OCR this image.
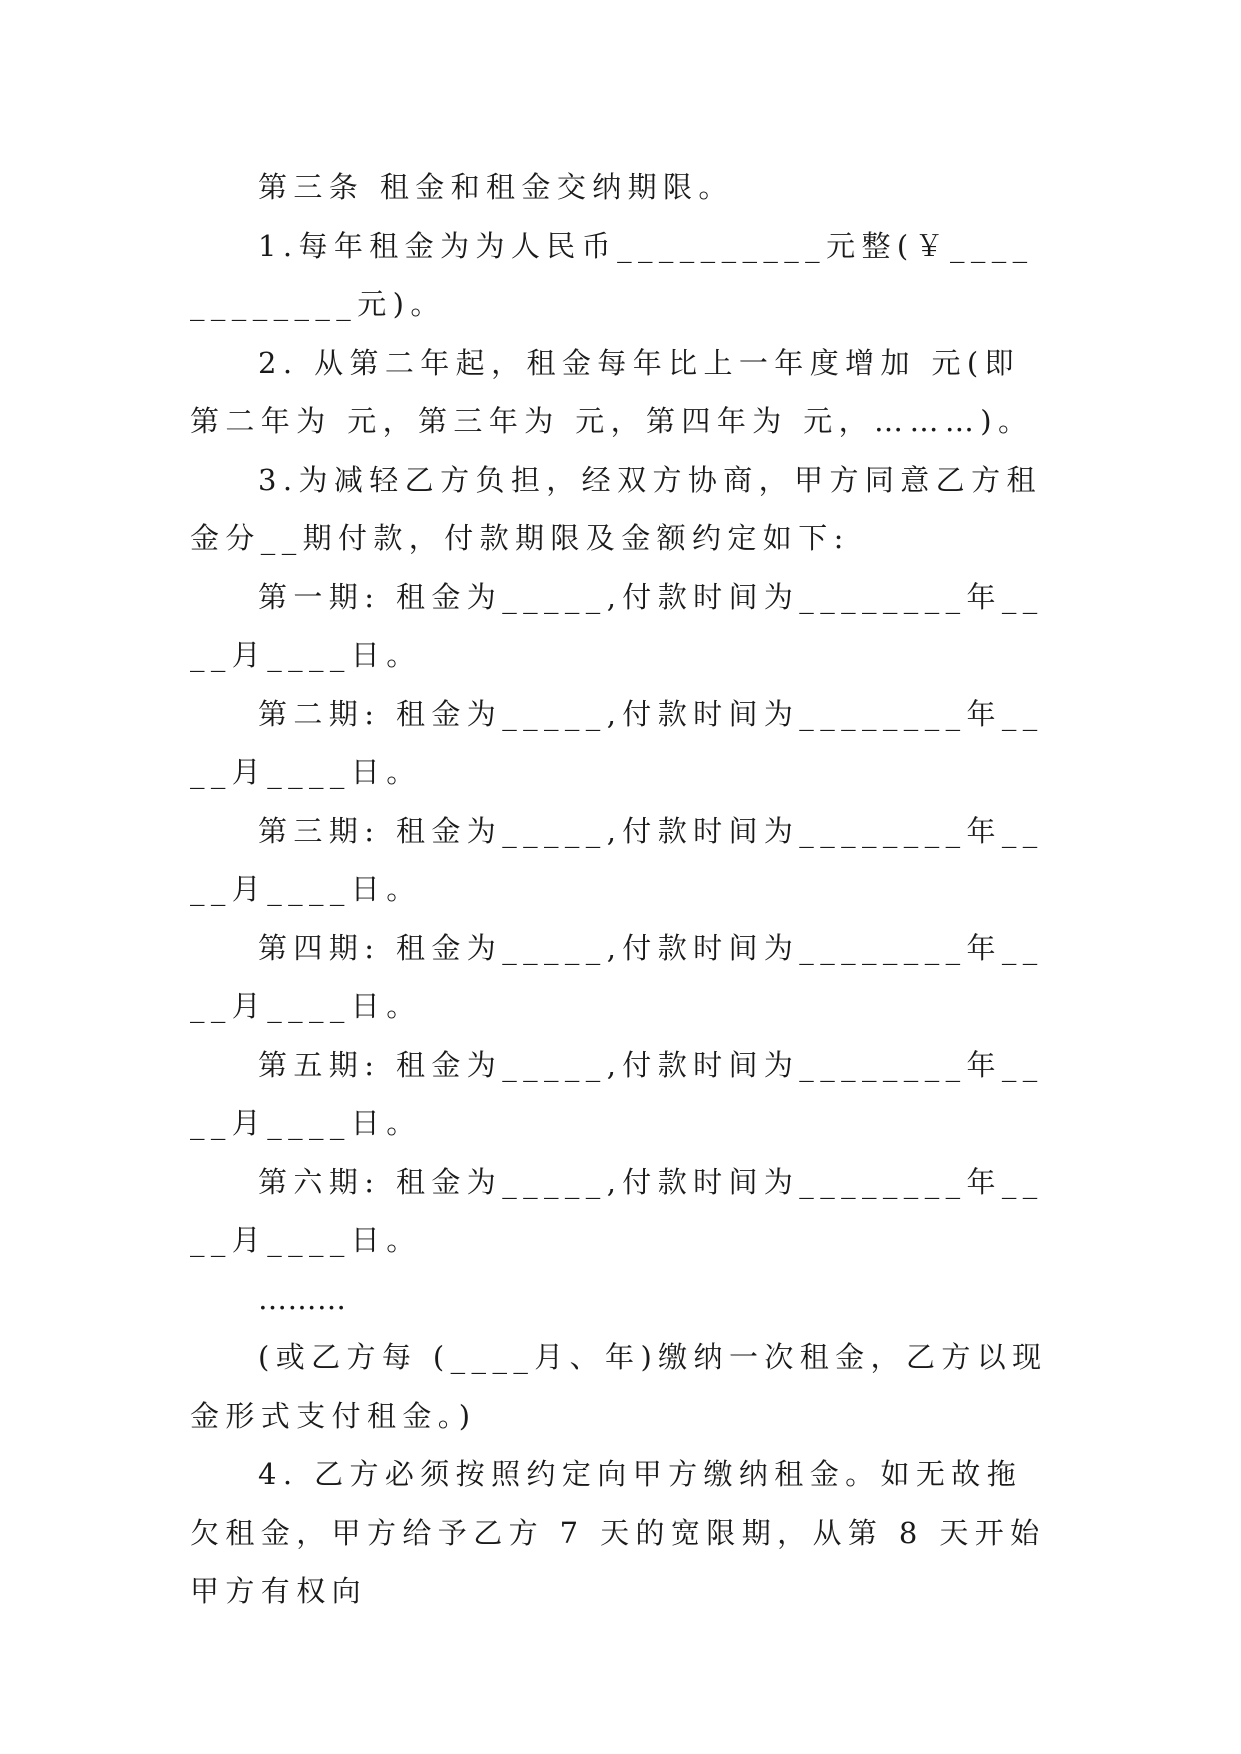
第三条 租金和租金交纳期限。

1.每年租金为为人民币__________元整(￥____________元)。

2. 从第二年起，租金每年比上一年度增加 元(即第二年为 元，第三年为 元，第四年为 元，………)。

3.为减轻乙方负担，经双方协商，甲方同意乙方租金分__期付款，付款期限及金额约定如下:

第一期: 租金为_____,付款时间为________年____月____日。

第二期: 租金为_____,付款时间为________年____月____日。

第三期: 租金为_____,付款时间为________年____月____日。

第四期: 租金为_____,付款时间为________年____月____日。

第五期: 租金为_____,付款时间为________年____月____日。

第六期: 租金为_____,付款时间为________年____月____日。

………

(或乙方每 (____月、年)缴纳一次租金，乙方以现金形式支付租金。)

4. 乙方必须按照约定向甲方缴纳租金。如无故拖欠租金，甲方给予乙方 7 天的宽限期，从第 8 天开始甲方有权向
